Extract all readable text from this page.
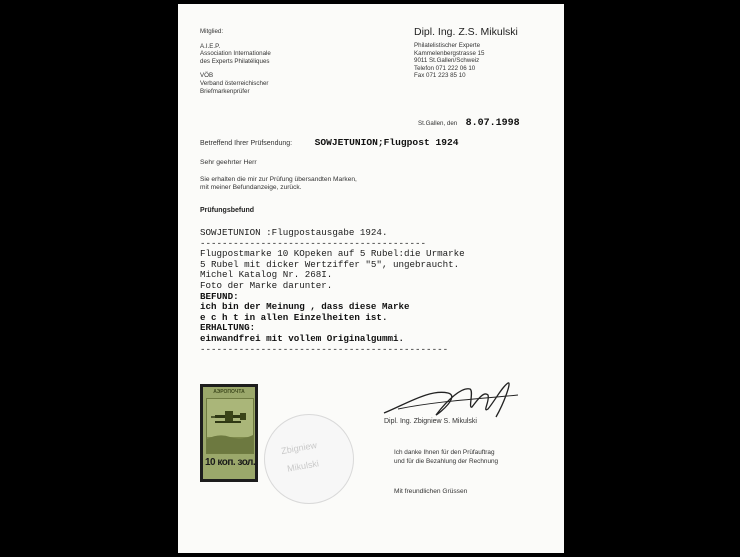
Mitglied:
A.I.E.P.
Association Internationale
des Experts Philatéliques
VÖB
Verband österreichischer
Briefmarkenprüfer
Dipl. Ing. Z.S. Mikulski
Philatelistischer Experte
Kammelenbergstrasse 15
9011 St.Gallen/Schweiz
Telefon 071 222 06 10
Fax 071 223 85 10
St.Gallen, den 8.07.1998
Betreffend Ihrer Prüfsendung: SOWJETUNION;Flugpost 1924
Sehr geehrter Herr
Sie erhalten die mir zur Prüfung übersandten Marken,
mit meiner Befundanzeige, zurück.
Prüfungsbefund
SOWJETUNION :Flugpostausgabe 1924.
-----------------------------------------
Flugpostmarke 10 KOpeken auf 5 Rubel:die Urmarke
5 Rubel mit dicker Wertziffer "5", ungebraucht.
Michel Katalog Nr. 268I.
Foto der Marke darunter.
BEFUND:
ich bin der Meinung , dass diese Marke
e c h t in allen Einzelheiten ist.
ERHALTUNG:
einwandfrei mit vollem Originalgummi.
---------------------------------------------
Zbigniew
Mikulski
АЭРОПОЧТА
10 коп. зол.
Dipl. Ing. Zbigniew S. Mikulski
Ich danke Ihnen für den Prüfauftrag
und für die Bezahlung der Rechnung
Mit freundlichen Grüssen
